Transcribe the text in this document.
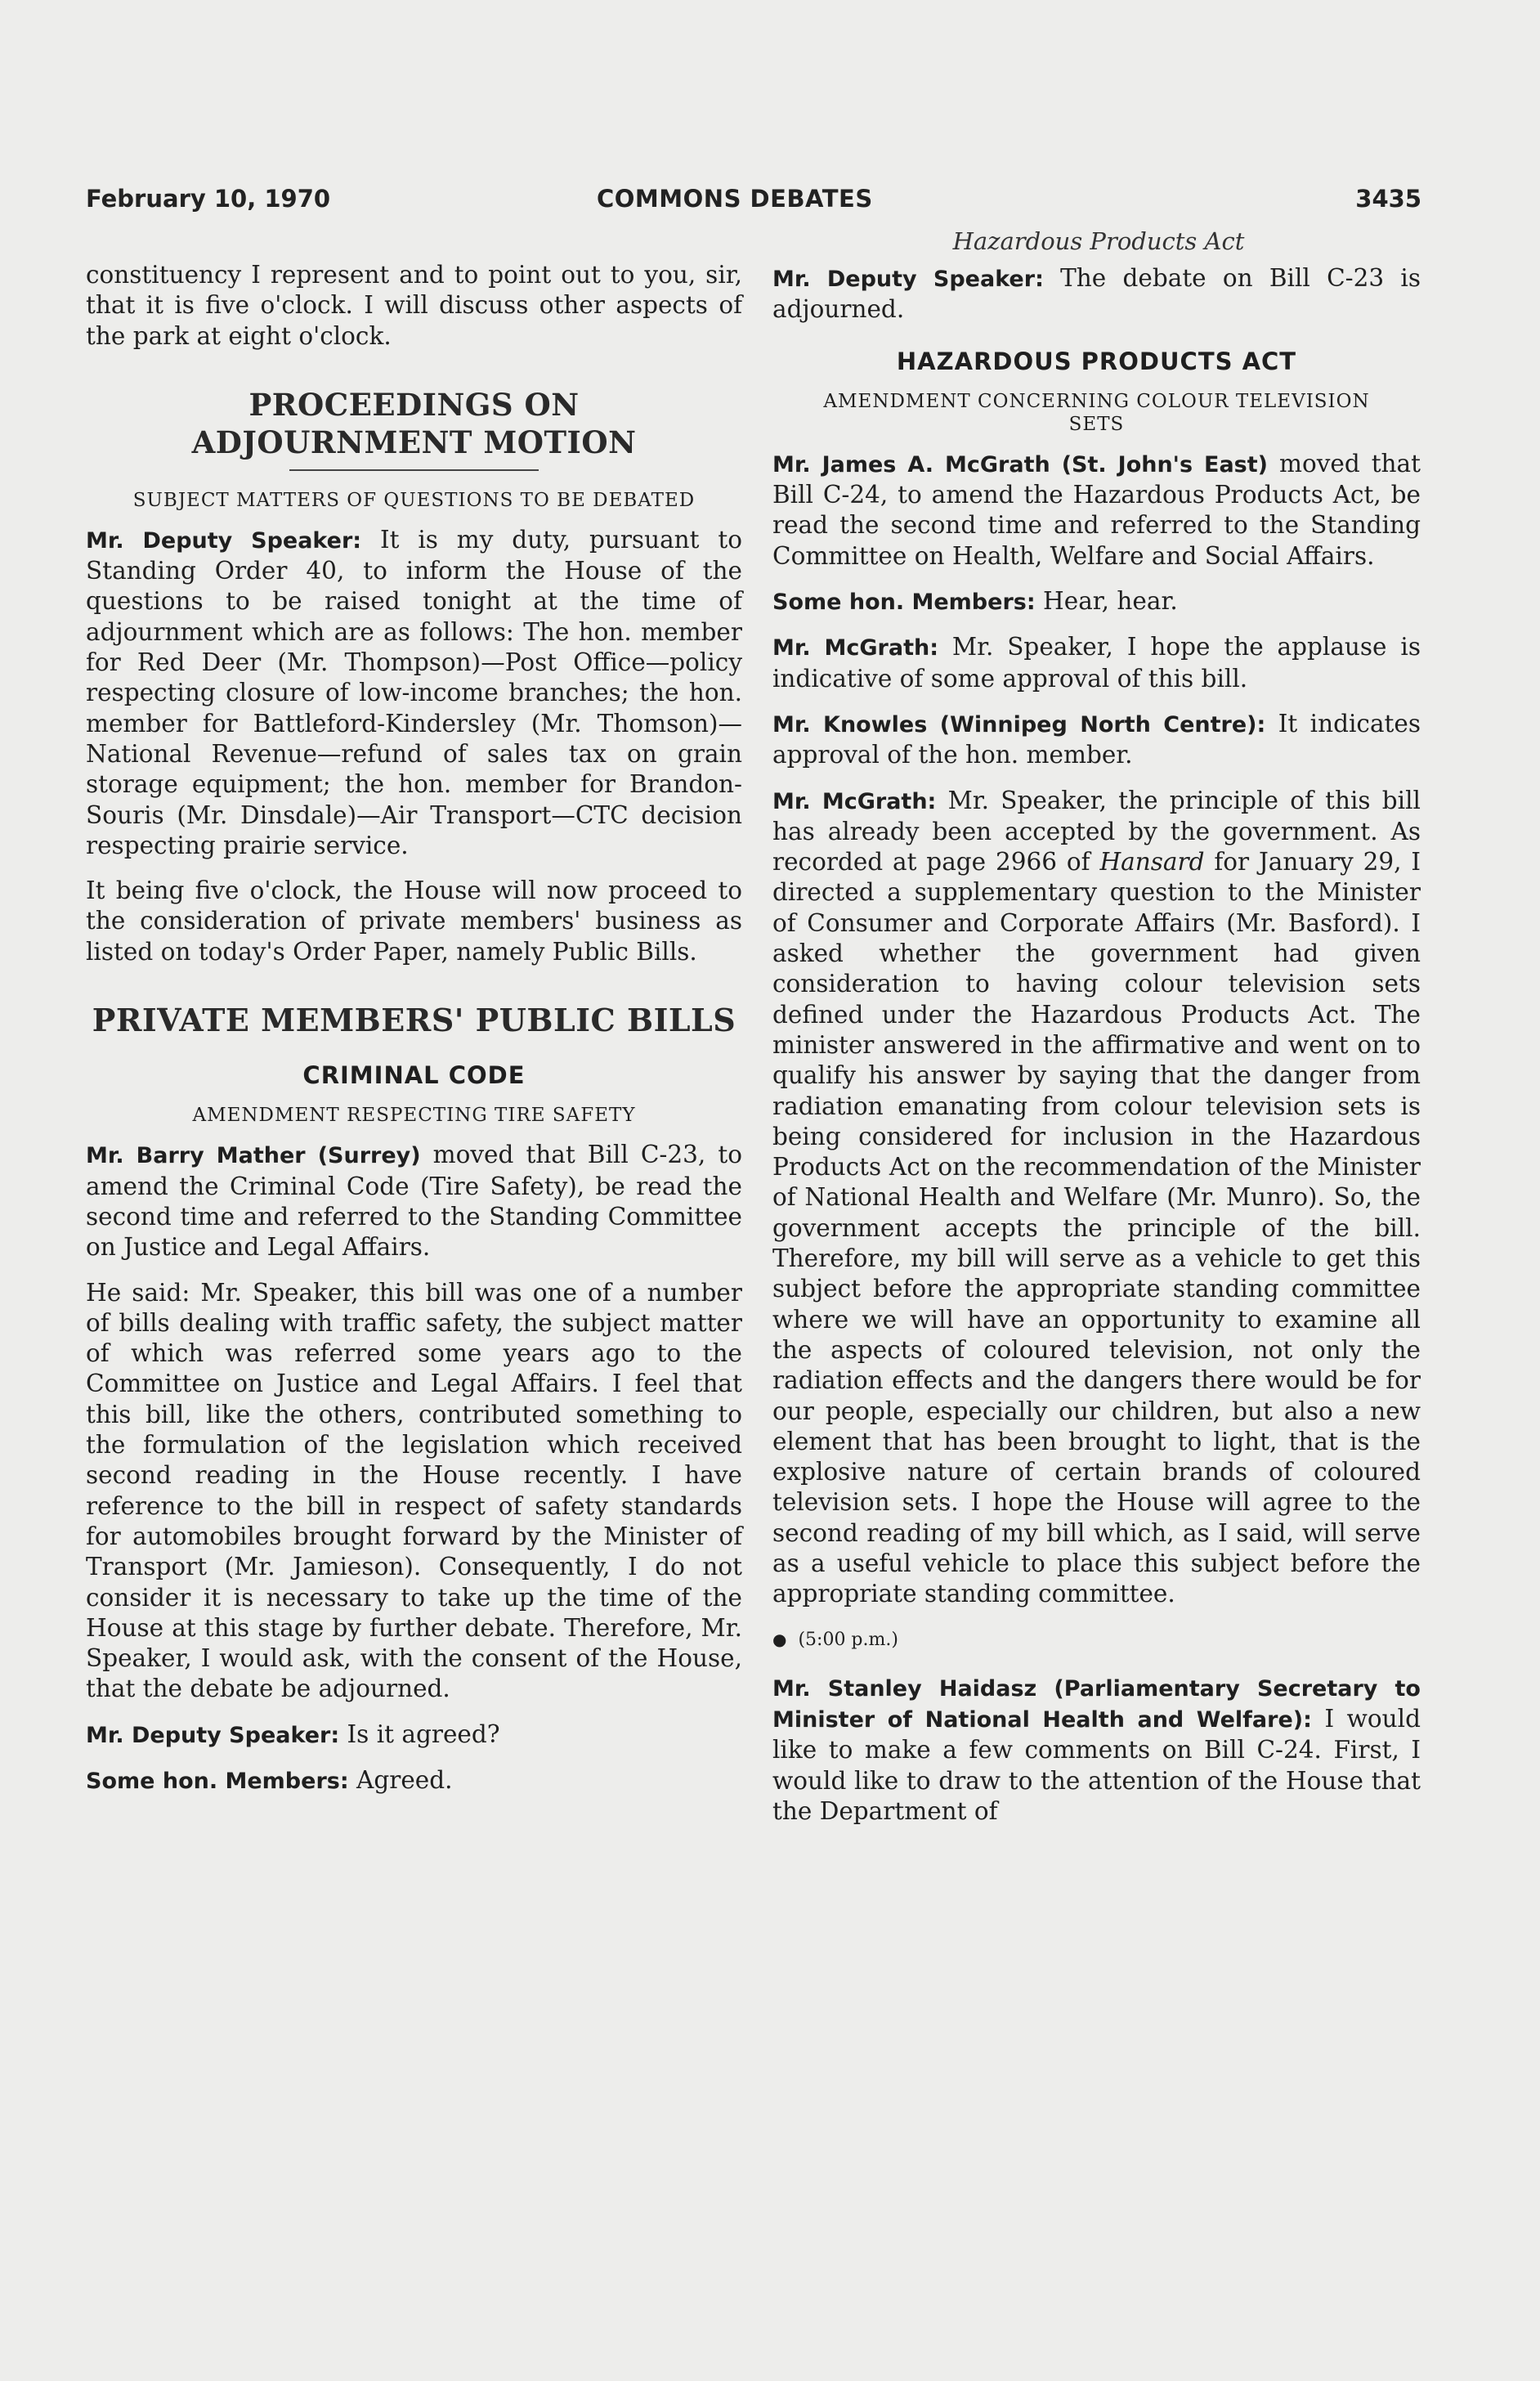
February 10, 1970	COMMONS DEBATES	3435
Hazardous Products Act

constituency I represent and to point out to you, sir, that it is five o'clock. I will discuss other aspects of the park at eight o'clock.

PROCEEDINGS ON ADJOURNMENT MOTION
SUBJECT MATTERS OF QUESTIONS TO BE DEBATED

Mr. Deputy Speaker: It is my duty, pursuant to Standing Order 40, to inform the House of the questions to be raised tonight at the time of adjournment which are as follows: The hon. member for Red Deer (Mr. Thompson)—Post Office—policy respecting closure of low-income branches; the hon. member for Battleford-Kindersley (Mr. Thomson)—National Revenue—refund of sales tax on grain storage equipment; the hon. member for Brandon-Souris (Mr. Dinsdale)—Air Transport—CTC decision respecting prairie service.

It being five o'clock, the House will now proceed to the consideration of private members' business as listed on today's Order Paper, namely Public Bills.

PRIVATE MEMBERS' PUBLIC BILLS
CRIMINAL CODE
AMENDMENT RESPECTING TIRE SAFETY

Mr. Barry Mather (Surrey) moved that Bill C-23, to amend the Criminal Code (Tire Safety), be read the second time and referred to the Standing Committee on Justice and Legal Affairs.

He said: Mr. Speaker, this bill was one of a number of bills dealing with traffic safety, the subject matter of which was referred some years ago to the Committee on Justice and Legal Affairs. I feel that this bill, like the others, contributed something to the formulation of the legislation which received second reading in the House recently. I have reference to the bill in respect of safety standards for automobiles brought forward by the Minister of Transport (Mr. Jamieson). Consequently, I do not consider it is necessary to take up the time of the House at this stage by further debate. Therefore, Mr. Speaker, I would ask, with the consent of the House, that the debate be adjourned.

Mr. Deputy Speaker: Is it agreed?

Some hon. Members: Agreed.

Mr. Deputy Speaker: The debate on Bill C-23 is adjourned.

HAZARDOUS PRODUCTS ACT
AMENDMENT CONCERNING COLOUR TELEVISION SETS

Mr. James A. McGrath (St. John's East) moved that Bill C-24, to amend the Hazardous Products Act, be read the second time and referred to the Standing Committee on Health, Welfare and Social Affairs.

Some hon. Members: Hear, hear.

Mr. McGrath: Mr. Speaker, I hope the applause is indicative of some approval of this bill.

Mr. Knowles (Winnipeg North Centre): It indicates approval of the hon. member.

Mr. McGrath: Mr. Speaker, the principle of this bill has already been accepted by the government. As recorded at page 2966 of Hansard for January 29, I directed a supplementary question to the Minister of Consumer and Corporate Affairs (Mr. Basford). I asked whether the government had given consideration to having colour television sets defined under the Hazardous Products Act. The minister answered in the affirmative and went on to qualify his answer by saying that the danger from radiation emanating from colour television sets is being considered for inclusion in the Hazardous Products Act on the recommendation of the Minister of National Health and Welfare (Mr. Munro). So, the government accepts the principle of the bill. Therefore, my bill will serve as a vehicle to get this subject before the appropriate standing committee where we will have an opportunity to examine all the aspects of coloured television, not only the radiation effects and the dangers there would be for our people, especially our children, but also a new element that has been brought to light, that is the explosive nature of certain brands of coloured television sets. I hope the House will agree to the second reading of my bill which, as I said, will serve as a useful vehicle to place this subject before the appropriate standing committee.

● (5:00 p.m.)

Mr. Stanley Haidasz (Parliamentary Secretary to Minister of National Health and Welfare): I would like to make a few comments on Bill C-24. First, I would like to draw to the attention of the House that the Department of
